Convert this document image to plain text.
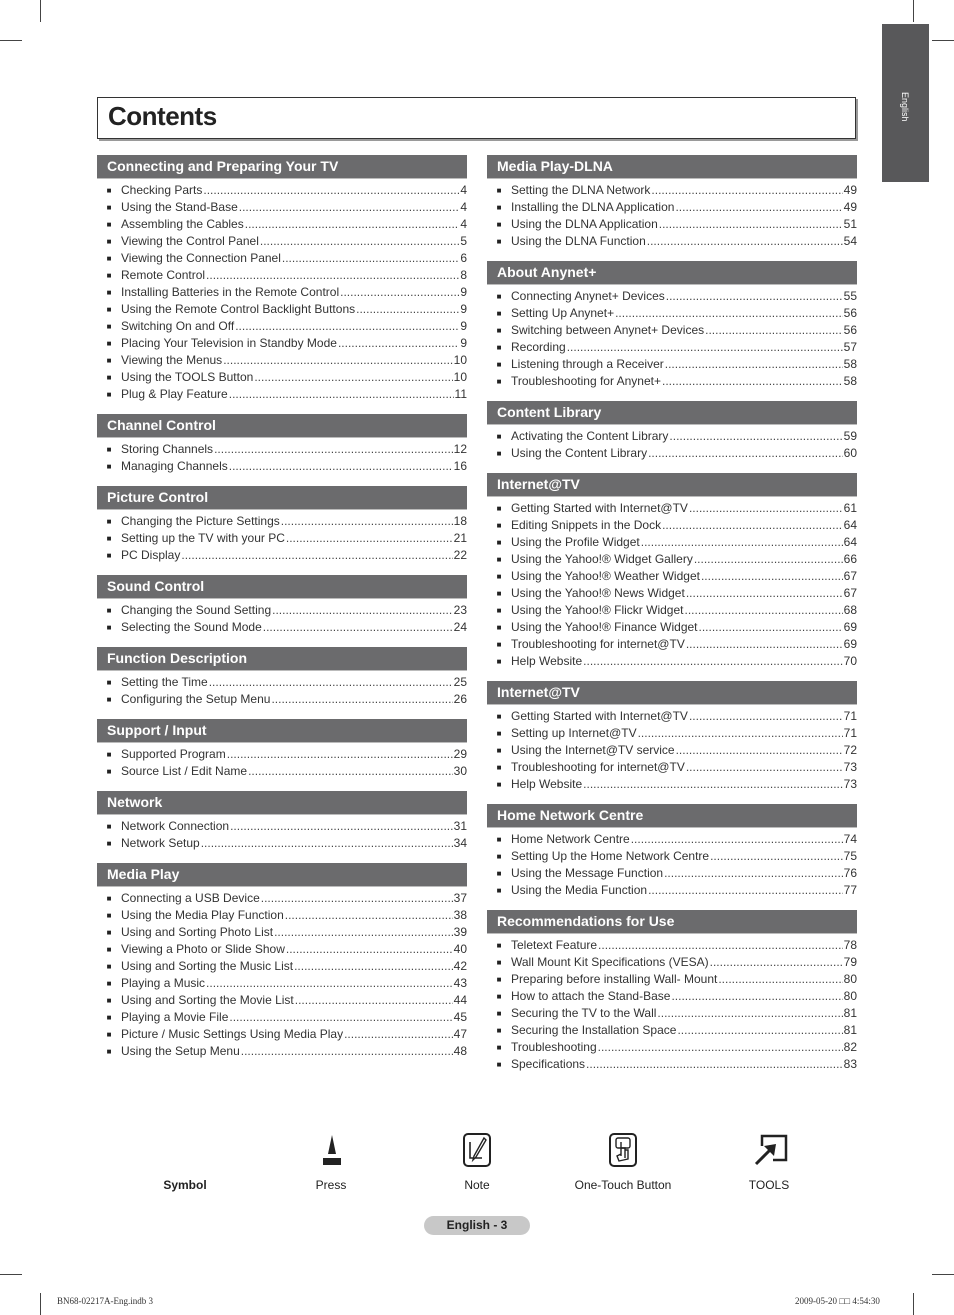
English
Contents
Connecting and Preparing Your TV
■ Checking Parts .....	4
■ Using the Stand-Base .....	4
■ Assembling the Cables .....	4
■ Viewing the Control Panel .....	5
■ Viewing the Connection Panel .....	6
■ Remote Control .....	8
■ Installing Batteries in the Remote Control .....	9
■ Using the Remote Control Backlight Buttons .....	9
■ Switching On and Off .....	9
■ Placing Your Television in Standby Mode .....	9
■ Viewing the Menus .....	10
■ Using the TOOLS Button .....	10
■ Plug & Play Feature .....	11
Channel Control
■ Storing Channels .....	12
■ Managing Channels .....	16
Picture Control
■ Changing the Picture Settings .....	18
■ Setting up the TV with your PC .....	21
■ PC Display .....	22
Sound Control
■ Changing the Sound Setting .....	23
■ Selecting the Sound Mode .....	24
Function Description
■ Setting the Time .....	25
■ Configuring the Setup Menu .....	26
Support / Input
■ Supported Program .....	29
■ Source List / Edit Name .....	30
Network
■ Network Connection .....	31
■ Network Setup .....	34
Media Play
■ Connecting a USB Device .....	37
■ Using the Media Play Function .....	38
■ Using and Sorting Photo List .....	39
■ Viewing a Photo or Slide Show .....	40
■ Using and Sorting the Music List .....	42
■ Playing a Music .....	43
■ Using and Sorting the Movie List .....	44
■ Playing a Movie File .....	45
■ Picture / Music Settings Using Media Play .....	47
■ Using the Setup Menu .....	48
Media Play-DLNA
■ Setting the DLNA Network .....	49
■ Installing the DLNA Application .....	49
■ Using the DLNA Application .....	51
■ Using the DLNA Function .....	54
About Anynet+
■ Connecting Anynet+ Devices .....	55
■ Setting Up Anynet+ .....	56
■ Switching between Anynet+ Devices .....	56
■ Recording .....	57
■ Listening through a Receiver .....	58
■ Troubleshooting for Anynet+ .....	58
Content Library
■ Activating the Content Library .....	59
■ Using the Content Library .....	60
Internet@TV
■ Getting Started with Internet@TV .....	61
■ Editing Snippets in the Dock .....	64
■ Using the Profile Widget .....	64
■ Using the Yahoo!® Widget Gallery .....	66
■ Using the Yahoo!® Weather Widget .....	67
■ Using the Yahoo!® News Widget .....	67
■ Using the Yahoo!® Flickr Widget .....	68
■ Using the Yahoo!® Finance Widget .....	69
■ Troubleshooting for internet@TV .....	69
■ Help Website .....	70
Internet@TV
■ Getting Started with Internet@TV .....	71
■ Setting up Internet@TV .....	71
■ Using the Internet@TV service .....	72
■ Troubleshooting for internet@TV .....	73
■ Help Website .....	73
Home Network Centre
■ Home Network Centre .....	74
■ Setting Up the Home Network Centre .....	75
■ Using the Message Function .....	76
■ Using the Media Function .....	77
Recommendations for Use
■ Teletext Feature .....	78
■ Wall Mount Kit Specifications (VESA) .....	79
■ Preparing before installing Wall- Mount .....	80
■ How to attach the Stand-Base .....	80
■ Securing the TV to the Wall .....	81
■ Securing the Installation Space .....	81
■ Troubleshooting .....	82
■ Specifications .....	83
Symbol	Press	Note	One-Touch Button	TOOLS
English - 3
BN68-02217A-Eng.indb 3	2009-05-20 □□ 4:54:30
